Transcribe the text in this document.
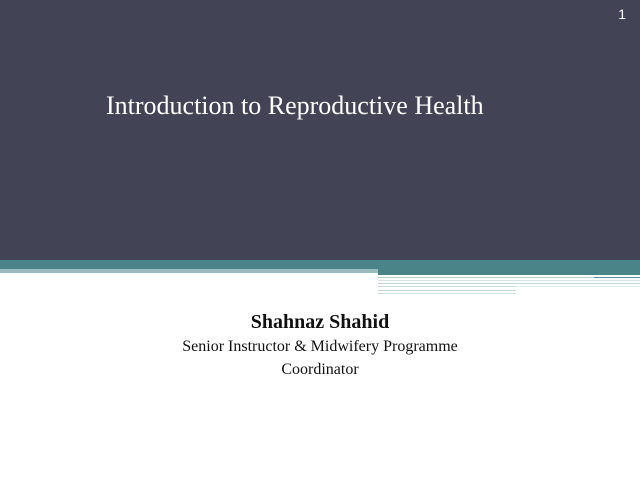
1
Introduction to Reproductive Health
Shahnaz Shahid
Senior Instructor & Midwifery Programme
Coordinator
